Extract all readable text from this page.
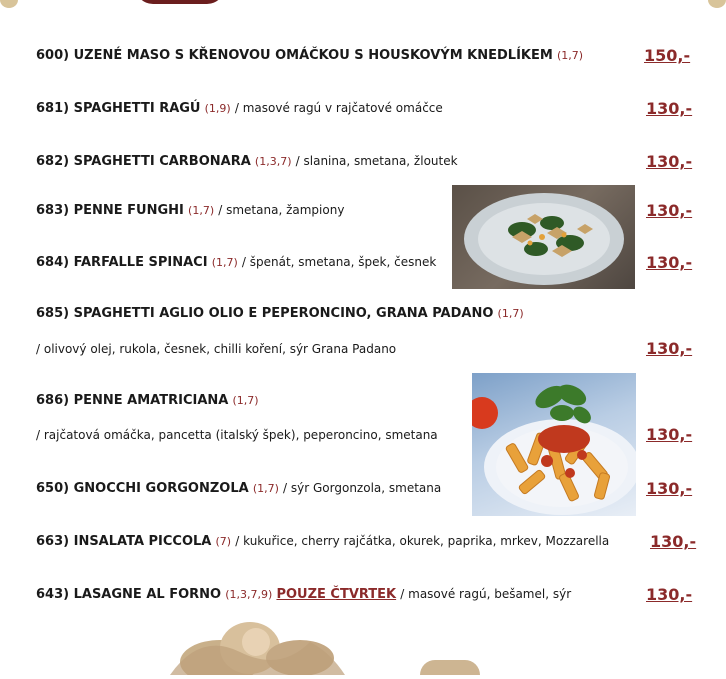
600) UZENÉ MASO S KŘENOVOU OMÁČKOU S HOUSKOVÝM KNEDLÍKEM (1,7)	150,-
681) SPAGHETTI RAGÚ (1,9) / masové ragú v rajčatové omáčce	130,-
682) SPAGHETTI CARBONARA (1,3,7) / slanina, smetana, žloutek	130,-
683) PENNE FUNGHI (1,7) / smetana, žampiony	130,-
684) FARFALLE SPINACI (1,7) / špenát, smetana, špek, česnek	130,-
685) SPAGHETTI AGLIO OLIO E PEPERONCINO, GRANA PADANO (1,7)
/ olivový olej, rukola, česnek, chilli koření, sýr Grana Padano	130,-
686) PENNE AMATRICIANA (1,7)
/ rajčatová omáčka, pancetta (italský špek), peperoncino, smetana	130,-
650) GNOCCHI GORGONZOLA (1,7) / sýr Gorgonzola, smetana	130,-
663) INSALATA PICCOLA (7) / kukuřice, cherry rajčátka, okurek, paprika, mrkev, Mozzarella	130,-
643) LASAGNE AL FORNO (1,3,7,9) POUZE ČTVRTEK / masové ragú, bešamel, sýr	130,-
